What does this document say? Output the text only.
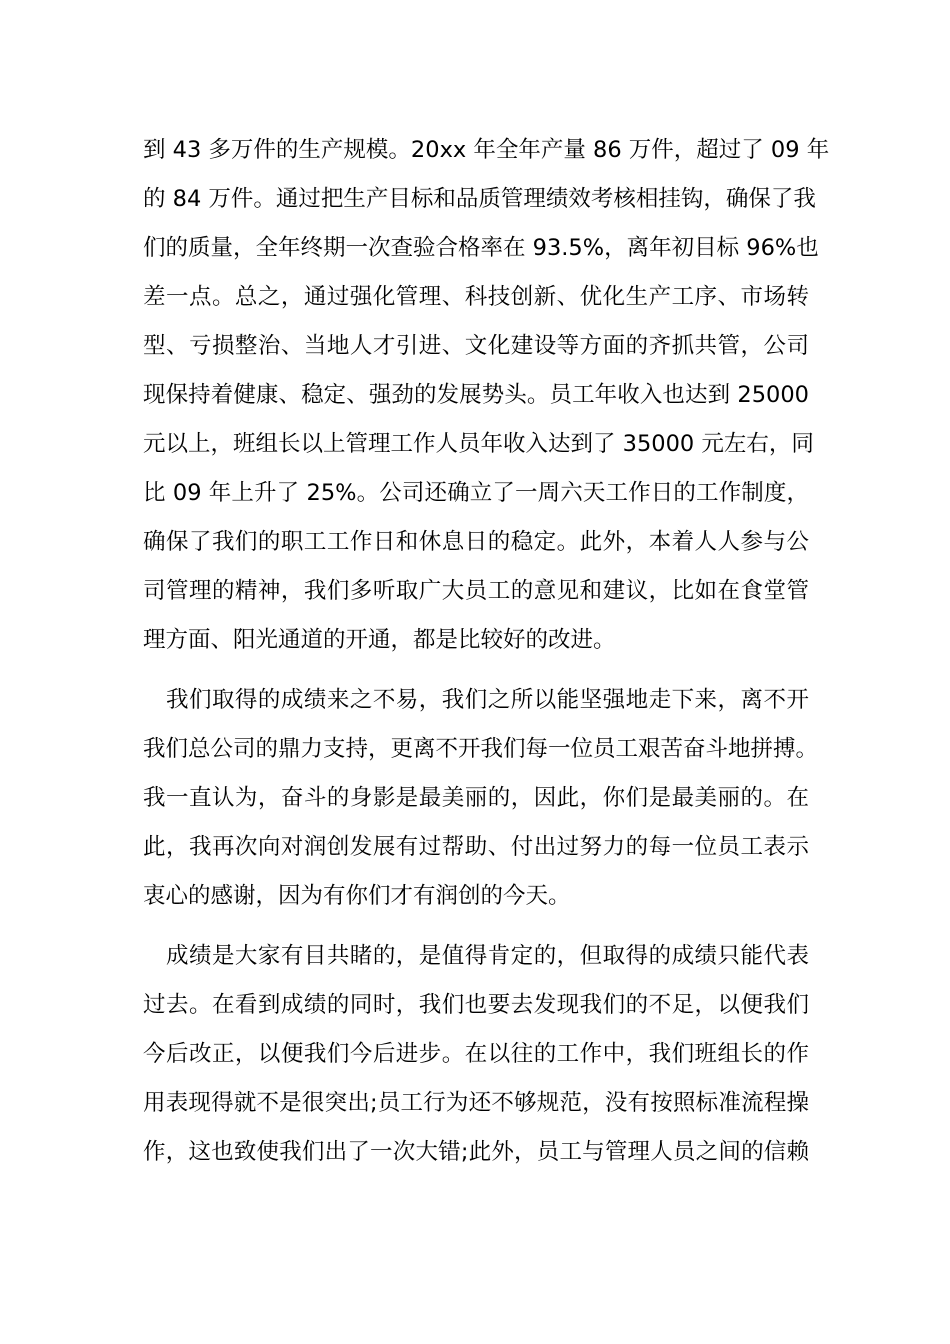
到 43 多万件的生产规模。20xx 年全年产量 86 万件，超过了 09 年
的 84 万件。通过把生产目标和品质管理绩效考核相挂钩，确保了我
们的质量，全年终期一次查验合格率在 93.5%，离年初目标 96%也
差一点。总之，通过强化管理、科技创新、优化生产工序、市场转
型、亏损整治、当地人才引进、文化建设等方面的齐抓共管，公司
现保持着健康、稳定、强劲的发展势头。员工年收入也达到 25000
元以上，班组长以上管理工作人员年收入达到了 35000 元左右，同
比 09 年上升了 25%。公司还确立了一周六天工作日的工作制度，
确保了我们的职工工作日和休息日的稳定。此外，本着人人参与公
司管理的精神，我们多听取广大员工的意见和建议，比如在食堂管
理方面、阳光通道的开通，都是比较好的改进。
　我们取得的成绩来之不易，我们之所以能坚强地走下来，离不开
我们总公司的鼎力支持，更离不开我们每一位员工艰苦奋斗地拼搏。
我一直认为，奋斗的身影是最美丽的，因此，你们是最美丽的。在
此，我再次向对润创发展有过帮助、付出过努力的每一位员工表示
衷心的感谢，因为有你们才有润创的今天。
　成绩是大家有目共睹的，是值得肯定的，但取得的成绩只能代表
过去。在看到成绩的同时，我们也要去发现我们的不足，以便我们
今后改正，以便我们今后进步。在以往的工作中，我们班组长的作
用表现得就不是很突出;员工行为还不够规范，没有按照标准流程操
作，这也致使我们出了一次大错;此外，员工与管理人员之间的信赖
